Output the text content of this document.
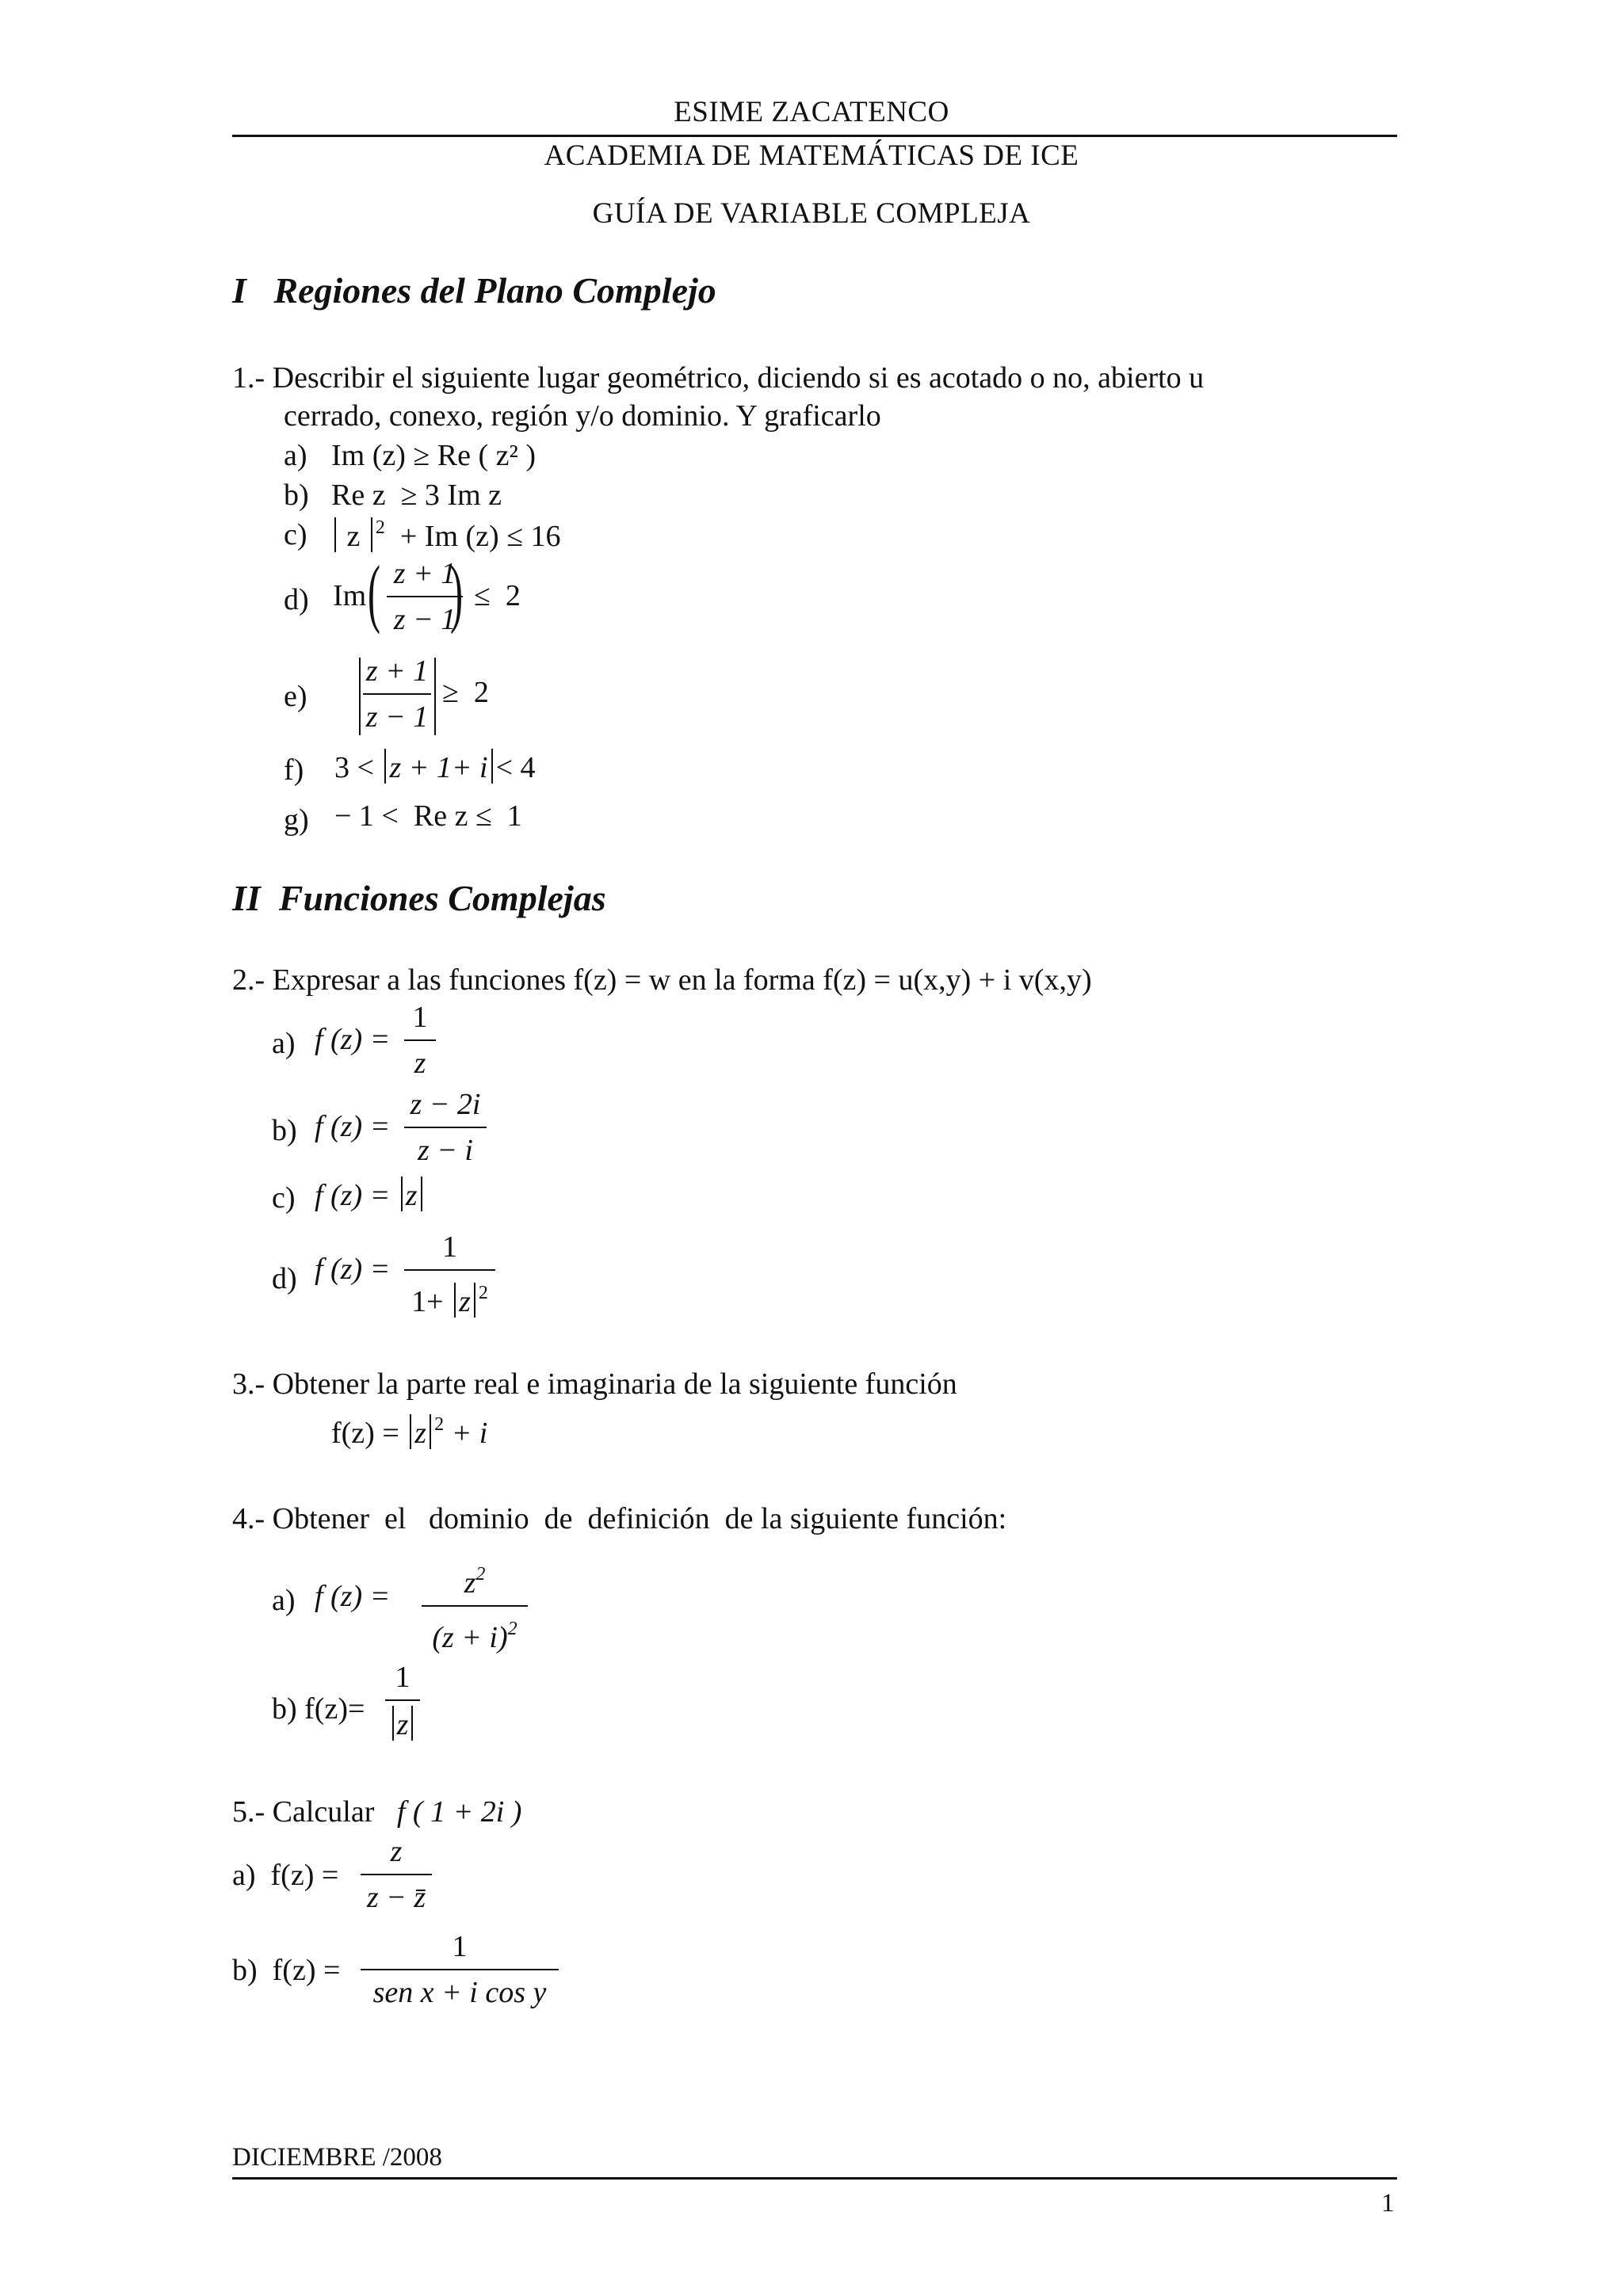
ESIME ZACATENCO
ACADEMIA DE MATEMÁTICAS DE ICE
GUÍA DE VARIABLE COMPLEJA
I   Regiones del Plano Complejo
1.- Describir el siguiente lugar geométrico, diciendo si es acotado o no, abierto u
cerrado, conexo, región y/o dominio. Y graficarlo
a) Im (z) ≥ Re ( z² )
b) Re z  ≥ 3 Im z
c)	z $^2$ + Im (z) ≤ 16
d) Im ( z + 1
z − 1
) ≤  2
e)
z + 1
z − 1
≥  2
f) 3 < z + 1+ i < 4
g) − 1 <  Re z ≤  1
II  Funciones Complejas
2.- Expresar a las funciones f(z) = w en la forma f(z) = u(x,y) + i v(x,y)
a) f (z) =
1
z
b) f (z) =
z − 2i
z − i
c) f (z) = z
d) f (z) =
1
1+ z $^2$
3.- Obtener la parte real e imaginaria de la siguiente función
f(z) = z $^2$ + i
4.- Obtener  el   dominio  de  definición  de la siguiente función:
a) f (z) =	$z^2$
$(z + i)^2$
b) f(z)=
1
z
5.- Calcular f ( 1 + 2i )
a) f(z) =
z
z − z̄
b) f(z) =
1
sen x + i cos y
DICIEMBRE /2008
1
